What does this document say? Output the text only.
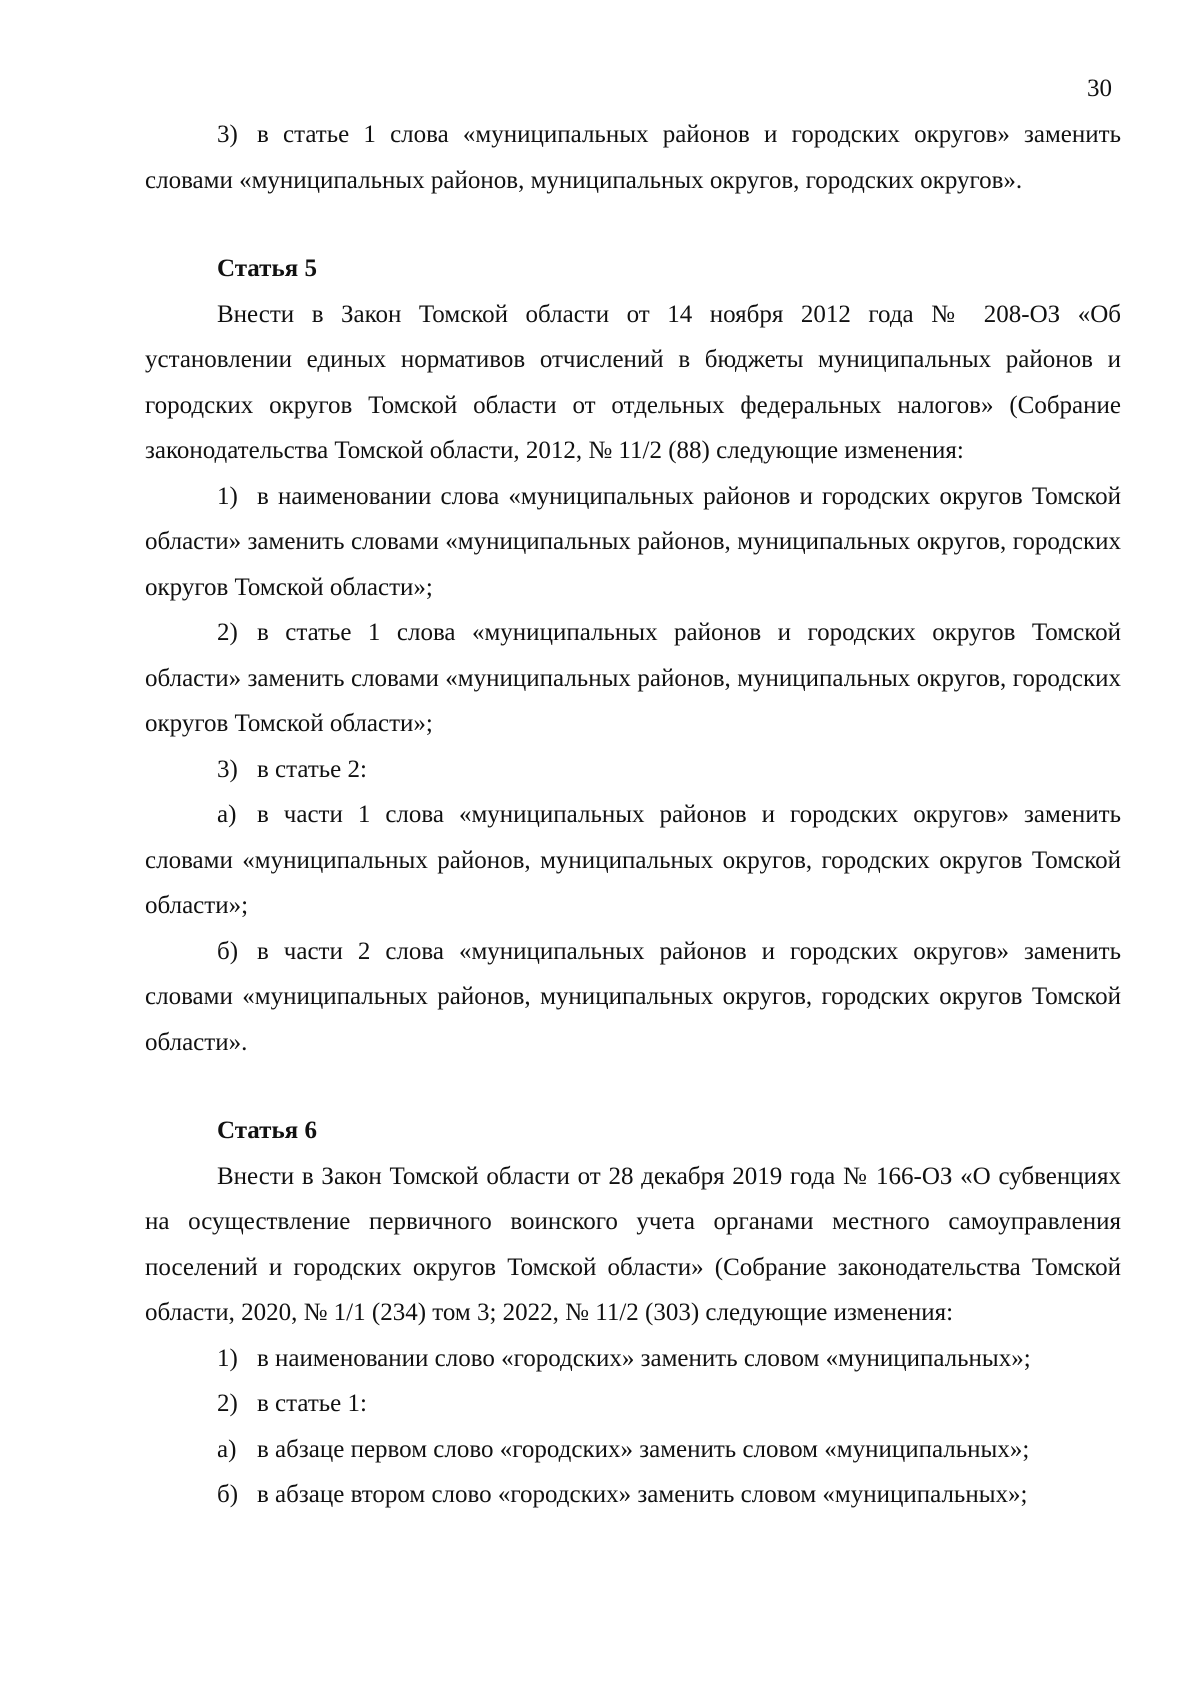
30

3) в статье 1 слова «муниципальных районов и городских округов» заменить словами «муниципальных районов, муниципальных округов, городских округов».

Статья 5

Внести в Закон Томской области от 14 ноября 2012 года № 208-ОЗ «Об установлении единых нормативов отчислений в бюджеты муниципальных районов и городских округов Томской области от отдельных федеральных налогов» (Собрание законодательства Томской области, 2012, № 11/2 (88) следующие изменения:

1) в наименовании слова «муниципальных районов и городских округов Томской области» заменить словами «муниципальных районов, муниципальных округов, городских округов Томской области»;

2) в статье 1 слова «муниципальных районов и городских округов Томской области» заменить словами «муниципальных районов, муниципальных округов, городских округов Томской области»;

3) в статье 2:

а) в части 1 слова «муниципальных районов и городских округов» заменить словами «муниципальных районов, муниципальных округов, городских округов Томской области»;

б) в части 2 слова «муниципальных районов и городских округов» заменить словами «муниципальных районов, муниципальных округов, городских округов Томской области».

Статья 6

Внести в Закон Томской области от 28 декабря 2019 года № 166-ОЗ «О субвенциях на осуществление первичного воинского учета органами местного самоуправления поселений и городских округов Томской области» (Собрание законодательства Томской области, 2020, № 1/1 (234) том 3; 2022, № 11/2 (303) следующие изменения:

1) в наименовании слово «городских» заменить словом «муниципальных»;

2) в статье 1:

а) в абзаце первом слово «городских» заменить словом «муниципальных»;

б) в абзаце втором слово «городских» заменить словом «муниципальных»;
